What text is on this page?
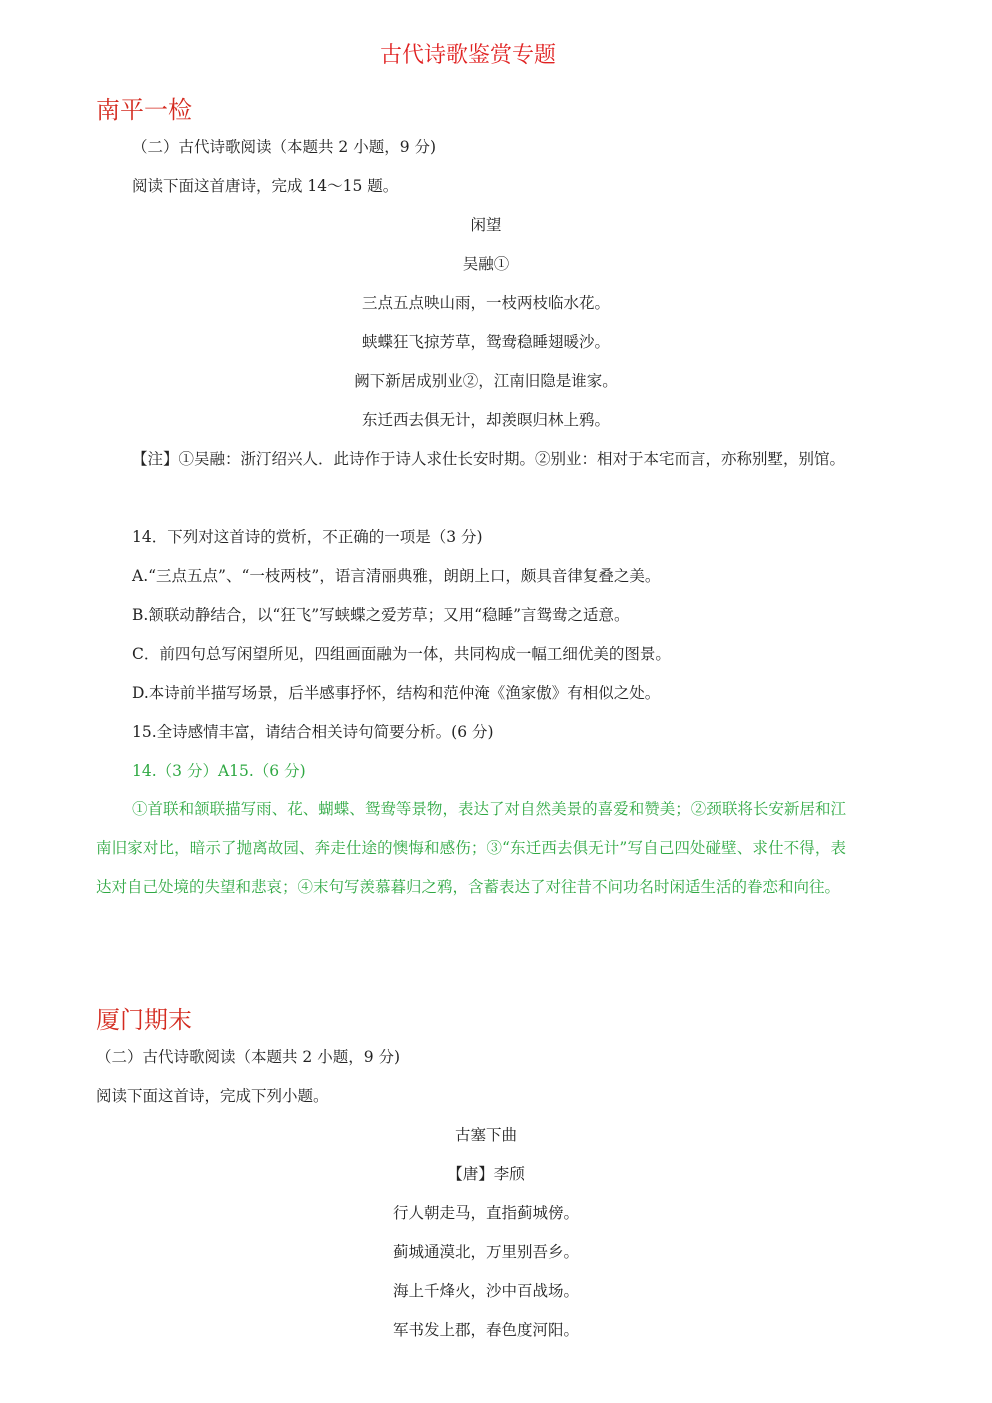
古代诗歌鉴赏专题
南平一检
（二）古代诗歌阅读（本题共 2 小题，9 分)
阅读下面这首唐诗，完成 14～15 题。
闲望
吴融①
三点五点映山雨，一枝两枝临水花。
蛱蝶狂飞掠芳草，鸳鸯稳睡翅暖沙。
阙下新居成别业②，江南旧隐是谁家。
东迁西去俱无计，却羡暝归林上鸦。
【注】①吴融：浙汀绍兴人．此诗作于诗人求仕长安时期。②别业：相对于本宅而言，亦称别墅，别馆。
14．下列对这首诗的赏析，不正确的一项是（3 分)
A.“三点五点”、“一枝两枝”，语言清丽典雅，朗朗上口，颇具音律复叠之美。
B.颔联动静结合，以“狂飞”写蛱蝶之爱芳草；又用“稳睡”言鸳鸯之适意。
C．前四句总写闲望所见，四组画面融为一体，共同构成一幅工细优美的图景。
D.本诗前半描写场景，后半感事抒怀，结构和范仲淹《渔家傲》有相似之处。
15.全诗感情丰富，请结合相关诗句简要分析。(6 分)
14.（3 分）A15.（6 分)
①首联和颔联描写雨、花、蝴蝶、鸳鸯等景物，表达了对自然美景的喜爱和赞美；②颈联将长安新居和江南旧家对比，暗示了抛离故园、奔走仕途的懊悔和感伤；③“东迁西去俱无计”写自己四处碰壁、求仕不得，表达对自己处境的失望和悲哀；④末句写羡慕暮归之鸦，含蓄表达了对往昔不问功名时闲适生活的眷恋和向往。
厦门期末
（二）古代诗歌阅读（本题共 2 小题，9 分)
阅读下面这首诗，完成下列小题。
古塞下曲
【唐】李颀
行人朝走马，直指蓟城傍。
蓟城通漠北，万里别吾乡。
海上千烽火，沙中百战场。
军书发上郡，春色度河阳。
